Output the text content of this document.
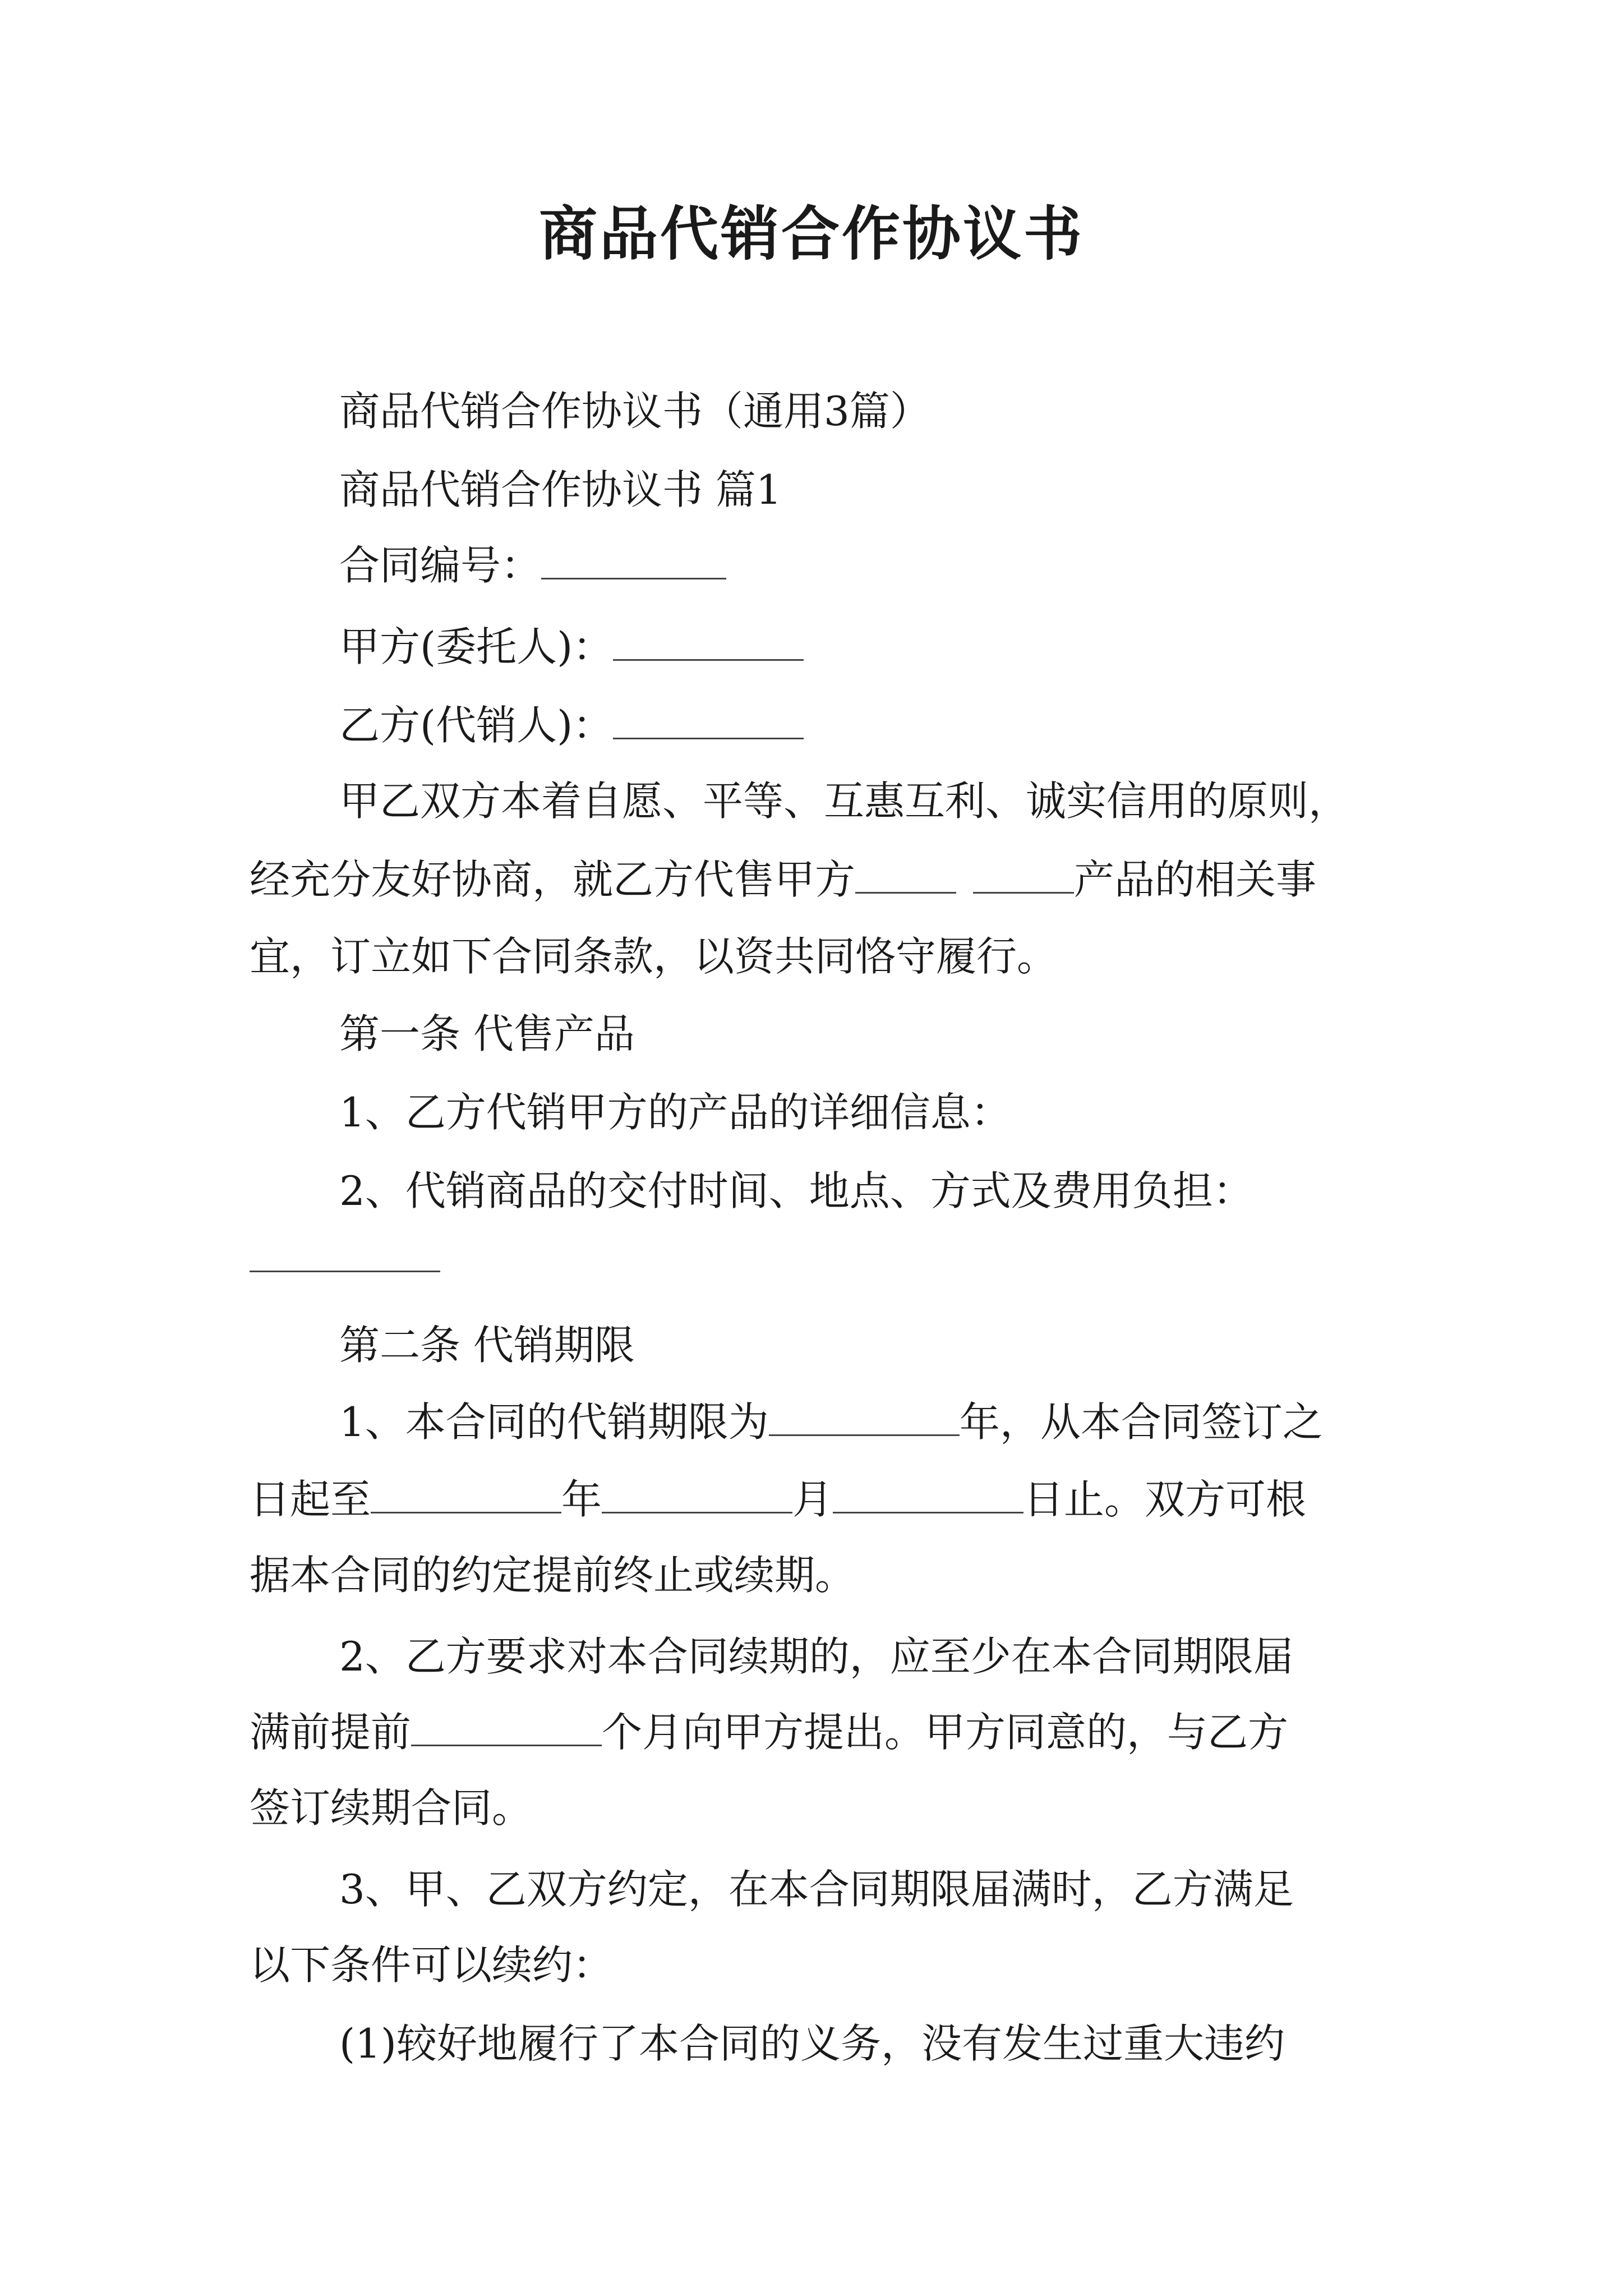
商品代销合作协议书
商品代销合作协议书（通用3篇）
商品代销合作协议书 篇1
合同编号：
甲方(委托人)：
乙方(代销人)：
甲乙双方本着自愿、平等、互惠互利、诚实信用的原则，
经充分友好协商，就乙方代售甲方	产品的相关事
宜，订立如下合同条款，以资共同恪守履行。
第一条 代售产品
1、乙方代销甲方的产品的详细信息：
2、代销商品的交付时间、地点、方式及费用负担：
第二条 代销期限
1、本合同的代销期限为	年，从本合同签订之
日起至	年	月	日止。双方可根
据本合同的约定提前终止或续期。
2、乙方要求对本合同续期的，应至少在本合同期限届
满前提前	个月向甲方提出。甲方同意的，与乙方
签订续期合同。
3、甲、乙双方约定，在本合同期限届满时，乙方满足
以下条件可以续约：
(1)较好地履行了本合同的义务，没有发生过重大违约
